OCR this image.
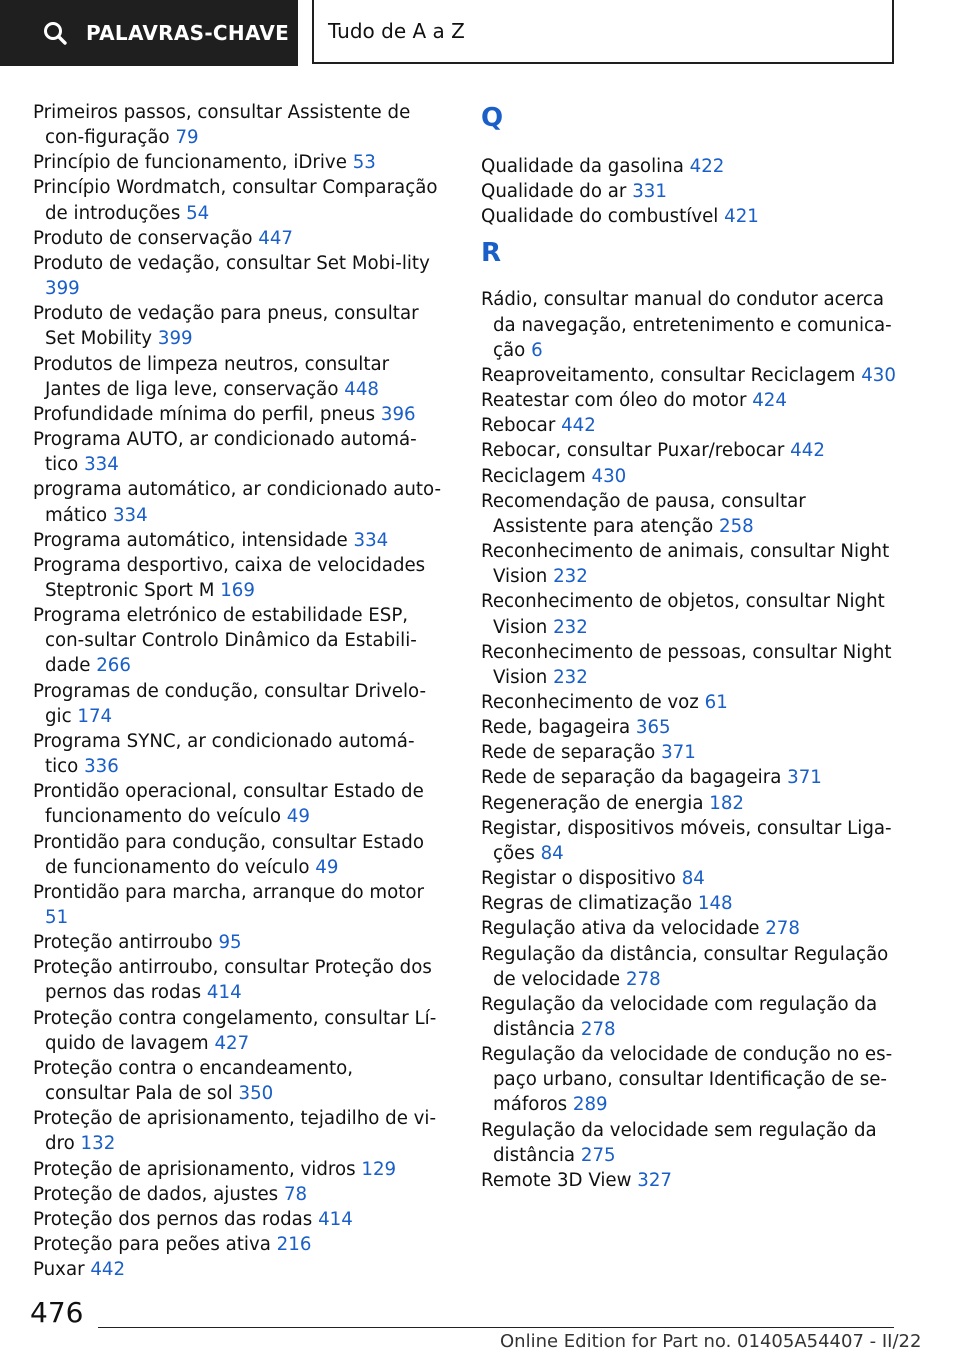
PALAVRAS-CHAVE Tudo de A a Z
Primeiros passos, consultar Assistente de con-figuração 79
Princípio de funcionamento, iDrive 53
Princípio Wordmatch, consultar Comparação de introduções 54
Produto de conservação 447
Produto de vedação, consultar Set Mobi-lity 399
Produto de vedação para pneus, consultar Set Mobility 399
Produtos de limpeza neutros, consultar Jantes de liga leve, conservação 448
Profundidade mínima do perfil, pneus 396
Programa AUTO, ar condicionado automá-tico 334
programa automático, ar condicionado auto-mático 334
Programa automático, intensidade 334
Programa desportivo, caixa de velocidades Steptronic Sport M 169
Programa eletrónico de estabilidade ESP, con-sultar Controlo Dinâmico da Estabili-dade 266
Programas de condução, consultar Drivelo-gic 174
Programa SYNC, ar condicionado automá-tico 336
Prontidão operacional, consultar Estado de funcionamento do veículo 49
Prontidão para condução, consultar Estado de funcionamento do veículo 49
Prontidão para marcha, arranque do motor 51
Proteção antirroubo 95
Proteção antirroubo, consultar Proteção dos pernos das rodas 414
Proteção contra congelamento, consultar Lí-quido de lavagem 427
Proteção contra o encandeamento, consultar Pala de sol 350
Proteção de aprisionamento, tejadilho de vi-dro 132
Proteção de aprisionamento, vidros 129
Proteção de dados, ajustes 78
Proteção dos pernos das rodas 414
Proteção para peões ativa 216
Puxar 442
Q
Qualidade da gasolina 422
Qualidade do ar 331
Qualidade do combustível 421
R
Rádio, consultar manual do condutor acerca da navegação, entretenimento e comunica-ção 6
Reaproveitamento, consultar Reciclagem 430
Reatestar com óleo do motor 424
Rebocar 442
Rebocar, consultar Puxar/rebocar 442
Reciclagem 430
Recomendação de pausa, consultar Assistente para atenção 258
Reconhecimento de animais, consultar Night Vision 232
Reconhecimento de objetos, consultar Night Vision 232
Reconhecimento de pessoas, consultar Night Vision 232
Reconhecimento de voz 61
Rede, bagageira 365
Rede de separação 371
Rede de separação da bagageira 371
Regeneração de energia 182
Registar, dispositivos móveis, consultar Liga-ções 84
Registar o dispositivo 84
Regras de climatização 148
Regulação ativa da velocidade 278
Regulação da distância, consultar Regulação de velocidade 278
Regulação da velocidade com regulação da distância 278
Regulação da velocidade de condução no es-paço urbano, consultar Identificação de se-máforos 289
Regulação da velocidade sem regulação da distância 275
Remote 3D View 327
476
Online Edition for Part no. 01405A54407 - II/22
